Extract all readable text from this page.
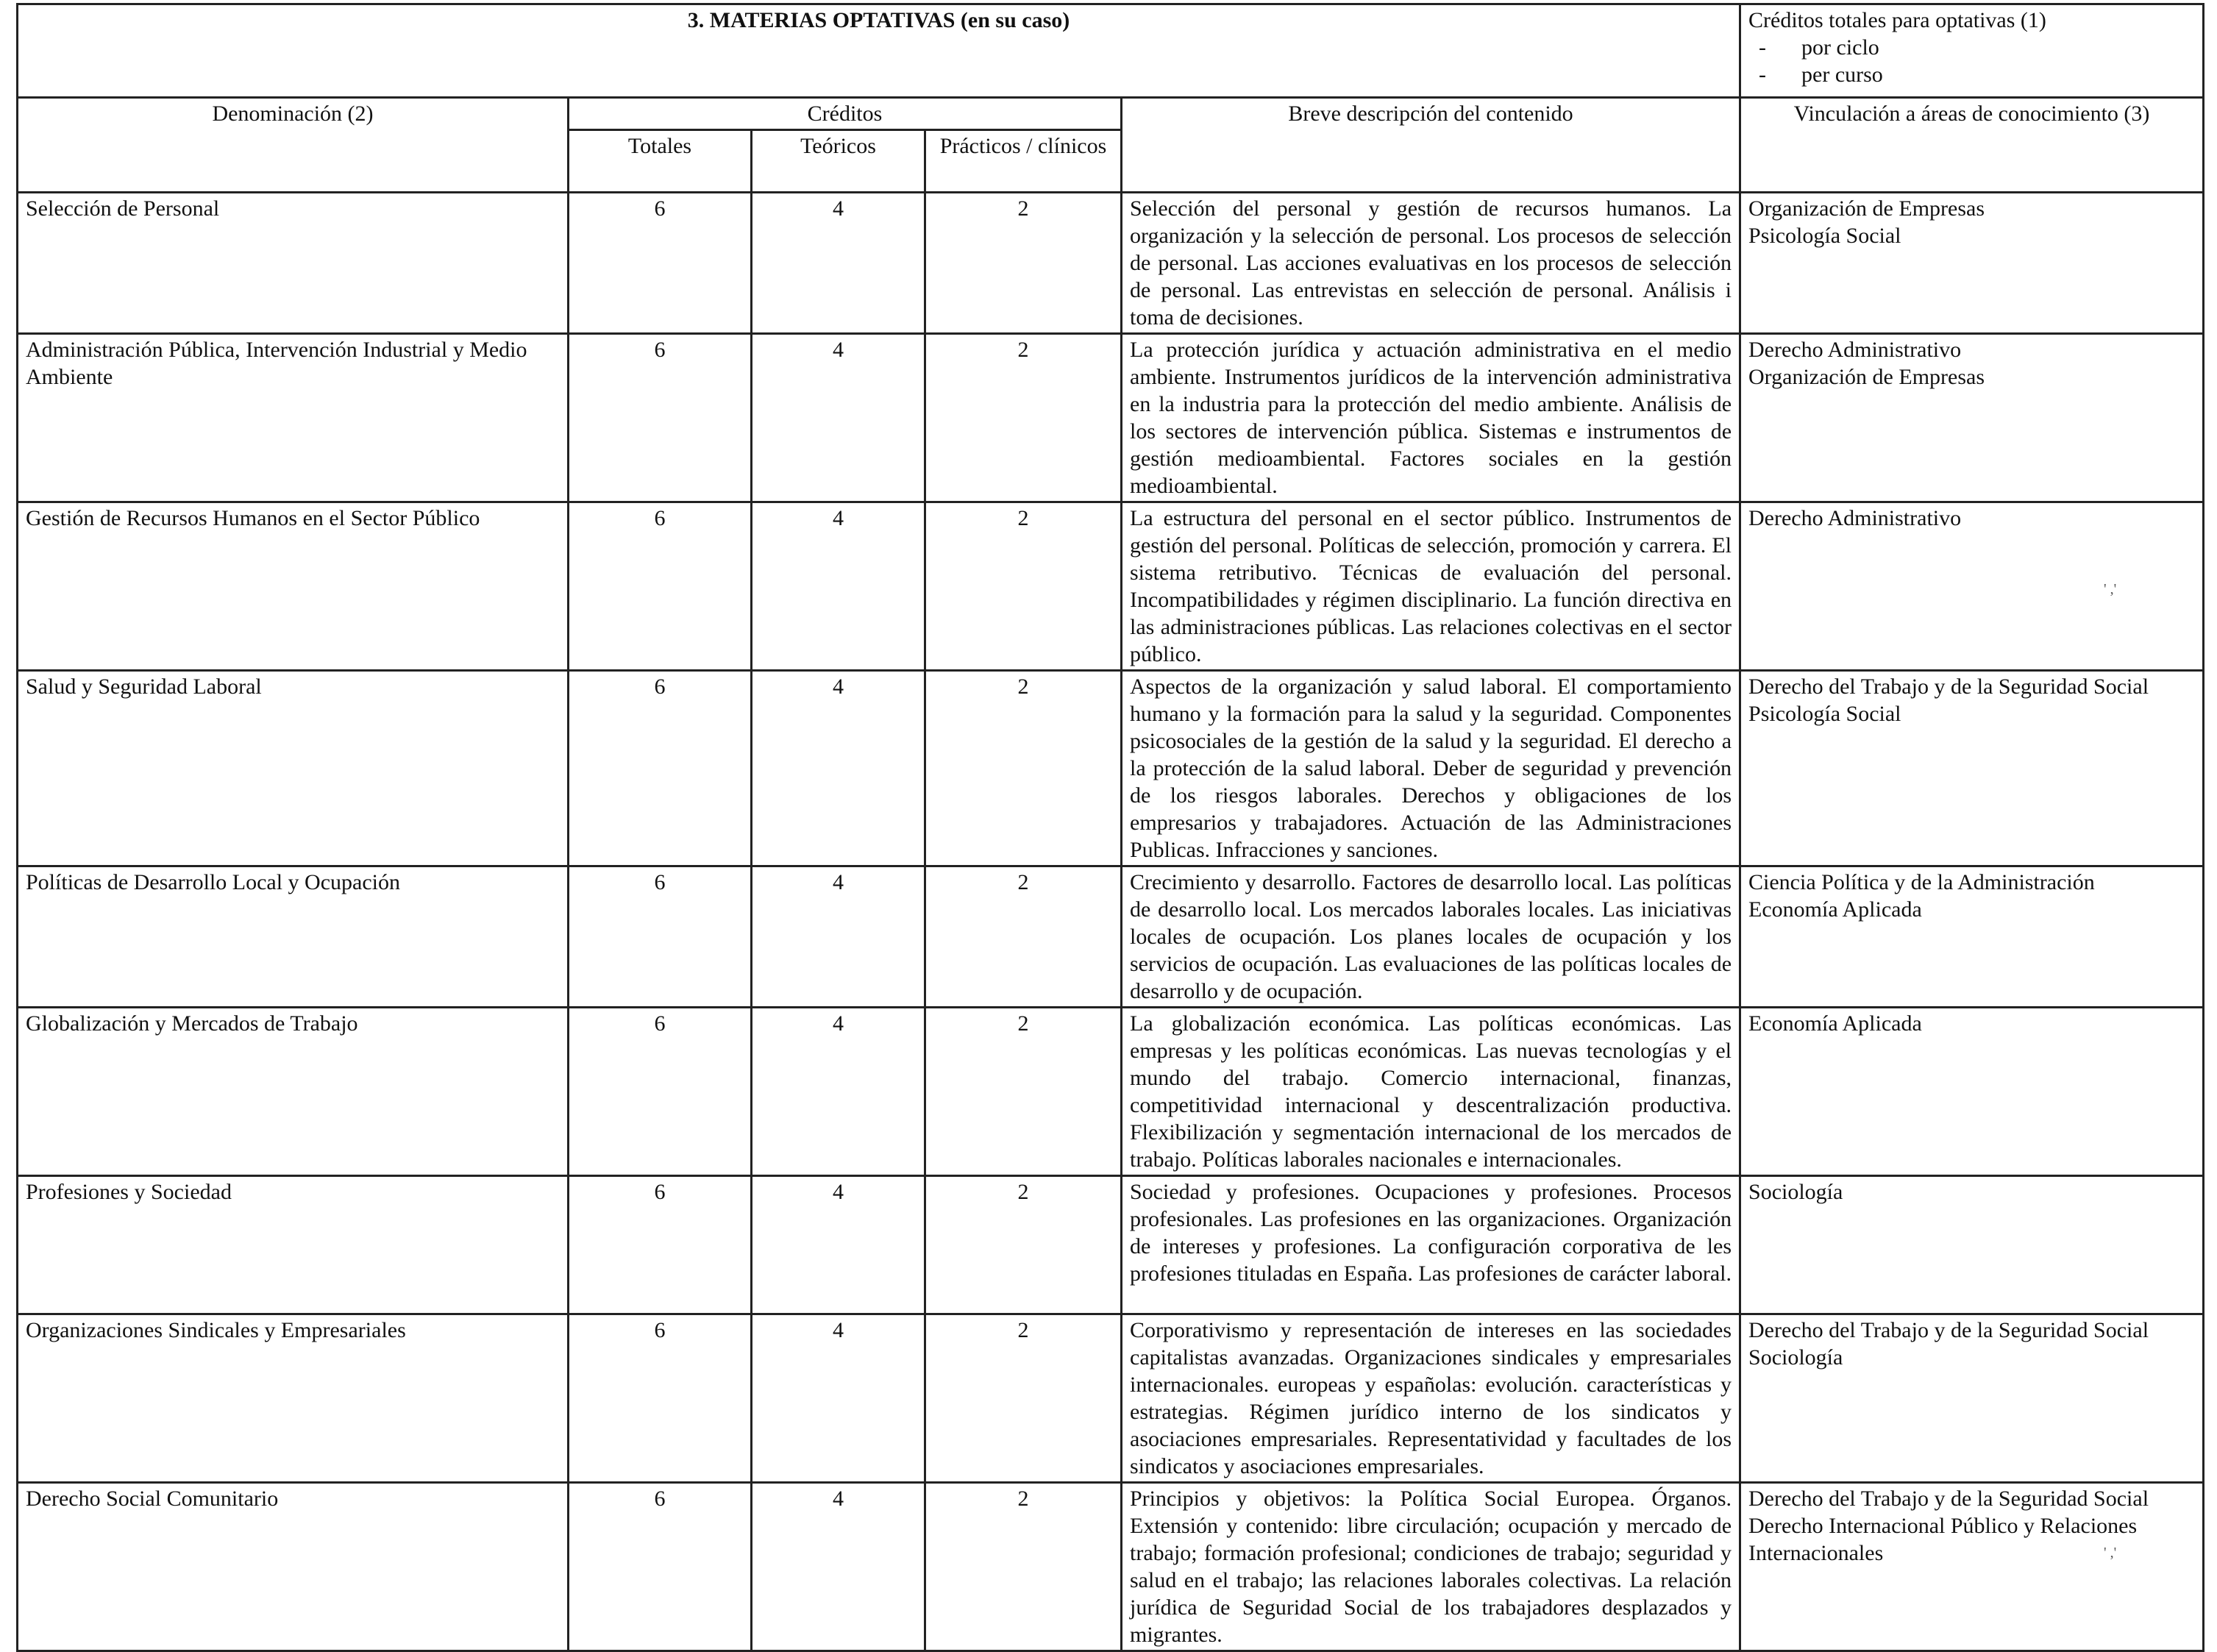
3. MATERIAS OPTATIVAS (en su caso)					Créditos totales para optativas (1)
- por ciclo
- per curso

Denominación (2)	Créditos			Breve descripción del contenido	Vinculación a áreas de conocimiento (3)
	Totales	Teóricos	Prácticos / clínicos		
Selección de Personal	6	4	2	Selección del personal y gestión de recursos humanos. La organización y la selección de personal. Los procesos de selección de personal. Las acciones evaluativas en los procesos de selección de personal. Las entrevistas en selección de personal. Análisis i toma de decisiones.	Organización de Empresas
Psicología Social

Administración Pública, Intervención Industrial y Medio Ambiente	6	4	2	La protección jurídica y actuación administrativa en el medio ambiente. Instrumentos jurídicos de la intervención administrativa en la industria para la protección del medio ambiente. Análisis de los sectores de intervención pública. Sistemas e instrumentos de gestión medioambiental. Factores sociales en la gestión medioambiental.	Derecho Administrativo
Organización de Empresas

Gestión de Recursos Humanos en el Sector Público	6	4	2	La estructura del personal en el sector público. Instrumentos de gestión del personal. Políticas de selección, promoción y carrera. El sistema retributivo. Técnicas de evaluación del personal. Incompatibilidades y régimen disciplinario. La función directiva en las administraciones públicas. Las relaciones colectivas en el sector público.	Derecho Administrativo

Salud y Seguridad Laboral	6	4	2	Aspectos de la organización y salud laboral. El comportamiento humano y la formación para la salud y la seguridad. Componentes psicosociales de la gestión de la salud y la seguridad. El derecho a la protección de la salud laboral. Deber de seguridad y prevención de los riesgos laborales. Derechos y obligaciones de los empresarios y trabajadores. Actuación de las Administraciones Publicas. Infracciones y sanciones.	Derecho del Trabajo y de la Seguridad Social
Psicología Social

Políticas de Desarrollo Local y Ocupación	6	4	2	Crecimiento y desarrollo. Factores de desarrollo local. Las políticas de desarrollo local. Los mercados laborales locales. Las iniciativas locales de ocupación. Los planes locales de ocupación y los servicios de ocupación. Las evaluaciones de las políticas locales de desarrollo y de ocupación.	Ciencia Política y de la Administración
Economía Aplicada

Globalización y Mercados de Trabajo	6	4	2	La globalización económica. Las políticas económicas. Las empresas y les políticas económicas. Las nuevas tecnologías y el mundo del trabajo. Comercio internacional, finanzas, competitividad internacional y descentralización productiva. Flexibilización y segmentación internacional de los mercados de trabajo. Políticas laborales nacionales e internacionales.	Economía Aplicada

Profesiones y Sociedad	6	4	2	Sociedad y profesiones. Ocupaciones y profesiones. Procesos profesionales. Las profesiones en las organizaciones. Organización de intereses y profesiones. La configuración corporativa de les profesiones tituladas en España. Las profesiones de carácter laboral.	Sociología

Organizaciones Sindicales y Empresariales	6	4	2	Corporativismo y representación de intereses en las sociedades capitalistas avanzadas. Organizaciones sindicales y empresariales internacionales. europeas y españolas: evolución. características y estrategias. Régimen jurídico interno de los sindicatos y asociaciones empresariales. Representatividad y facultades de los sindicatos y asociaciones empresariales.	Derecho del Trabajo y de la Seguridad Social
Sociología

Derecho Social Comunitario	6	4	2	Principios y objetivos: la Política Social Europea. Órganos. Extensión y contenido: libre circulación; ocupación y mercado de trabajo; formación profesional; condiciones de trabajo; seguridad y salud en el trabajo; las relaciones laborales colectivas. La relación jurídica de Seguridad Social de los trabajadores desplazados y migrantes.	Derecho del Trabajo y de la Seguridad Social
Derecho Internacional Público y Relaciones Internacionales
' ,'
' ,'
